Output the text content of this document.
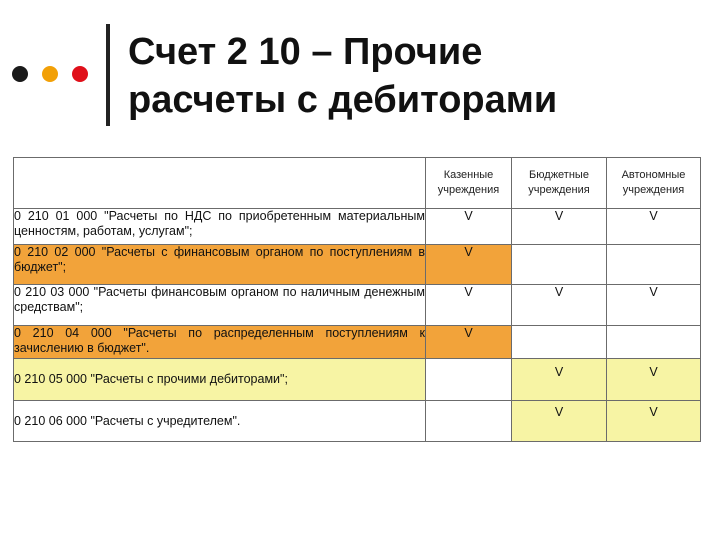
Счет 2 10 – Прочие
расчеты с дебиторами
	Казенные учреждения	Бюджетные учреждения	Автономные учреждения
0 210 01 000 "Расчеты по НДС по приобретенным материальным ценностям, работам, услугам";	V	V	V
0 210 02 000 "Расчеты с финансовым органом по поступлениям в бюджет";	V		
0 210 03 000 "Расчеты финансовым органом по наличным денежным средствам";	V	V	V
0 210 04 000 "Расчеты по распределенным поступлениям к зачислению в бюджет".	V		
0 210 05 000 "Расчеты с прочими дебиторами";		V	V
0 210 06 000 "Расчеты с учредителем".		V	V
